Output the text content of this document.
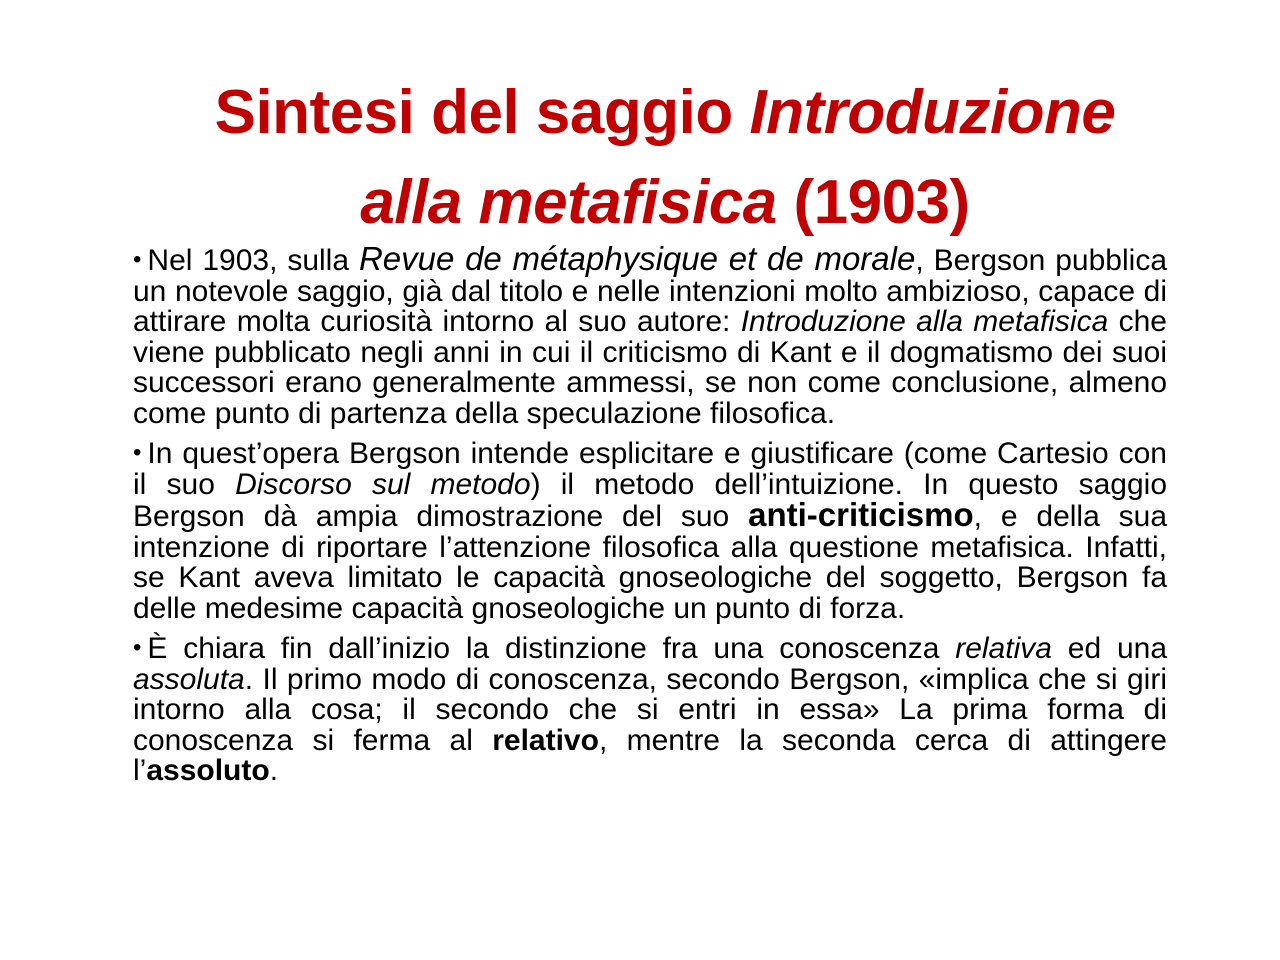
Sintesi del saggio Introduzione
alla metafisica (1903)

• Nel 1903, sulla Revue de métaphysique et de morale, Bergson pubblica un notevole saggio, già dal titolo e nelle intenzioni molto ambizioso, capace di attirare molta curiosità intorno al suo autore: Introduzione alla metafisica che viene pubblicato negli anni in cui il criticismo di Kant e il dogmatismo dei suoi successori erano generalmente ammessi, se non come conclusione, almeno come punto di partenza della speculazione filosofica.

• In quest’opera Bergson intende esplicitare e giustificare (come Cartesio con il suo Discorso sul metodo) il metodo dell’intuizione. In questo saggio Bergson dà ampia dimostrazione del suo anti-criticismo, e della sua intenzione di riportare l’attenzione filosofica alla questione metafisica. Infatti, se Kant aveva limitato le capacità gnoseologiche del soggetto, Bergson fa delle medesime capacità gnoseologiche un punto di forza.

• È chiara fin dall’inizio la distinzione fra una conoscenza relativa ed una assoluta. Il primo modo di conoscenza, secondo Bergson, «implica che si giri intorno alla cosa; il secondo che si entri in essa» La prima forma di conoscenza si ferma al relativo, mentre la seconda cerca di attingere l’assoluto.
